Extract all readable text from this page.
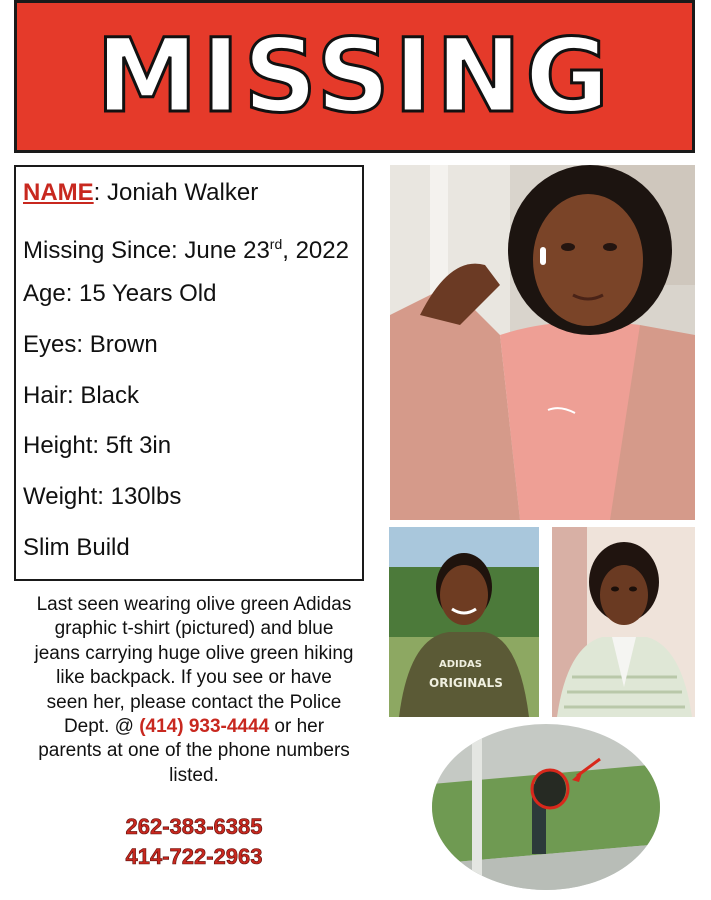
MISSING
NAME: Joniah Walker
Missing Since: June 23rd, 2022
Age: 15 Years Old
Eyes: Brown
Hair: Black
Height: 5ft 3in
Weight: 130lbs
Slim Build
Last seen wearing olive green Adidas
graphic t-shirt (pictured) and blue
jeans carrying huge olive green hiking
like backpack. If you see or have
seen her, please contact the Police
Dept. @ (414) 933-4444 or her
parents at one of the phone numbers
listed.
262-383-6385
414-722-2963
ADIDAS
ORIGINALS
